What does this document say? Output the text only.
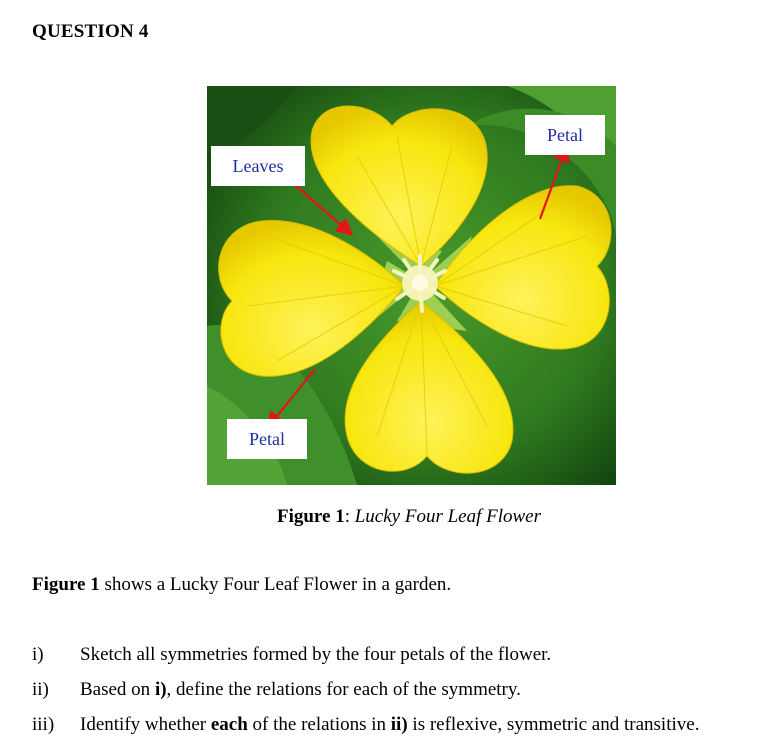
QUESTION 4
Leaves
Petal
Petal
Figure 1: Lucky Four Leaf Flower
Figure 1 shows a Lucky Four Leaf Flower in a garden.
i) Sketch all symmetries formed by the four petals of the flower.
ii) Based on i), define the relations for each of the symmetry.
iii) Identify whether each of the relations in ii) is reflexive, symmetric and transitive.
